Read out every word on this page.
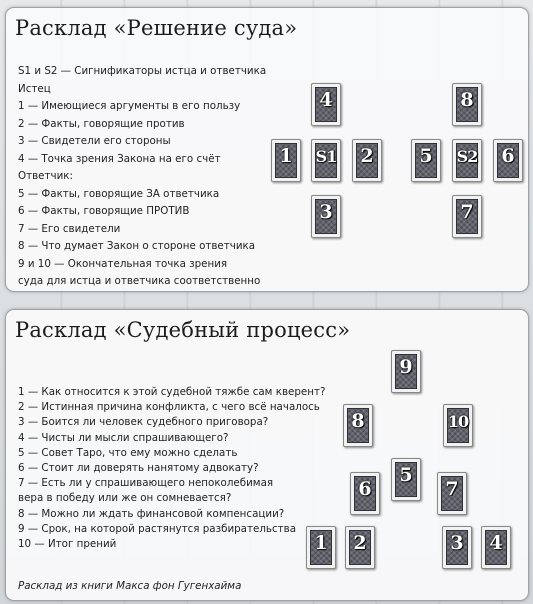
Расклад «Решение суда»
S1 и S2 — Сигнификаторы истца и ответчика
Истец
1 — Имеющиеся аргументы в его пользу
2 — Факты, говорящие против
3 — Свидетели его стороны
4 — Точка зрения Закона на его счёт
Ответчик:
5 — Факты, говорящие ЗА ответчика
6 — Факты, говорящие ПРОТИВ
7 — Его свидетели
8 — Что думает Закон о стороне ответчика
9 и 10 — Окончательная точка зрения
суда для истца и ответчика соответственно
4
1	S1	2
3
8
5	S2	6
7
Расклад «Судебный процесс»
1 — Как относится к этой судебной тяжбе сам кверент?
2 — Истинная причина конфликта, с чего всё началось
3 — Боится ли человек судебного приговора?
4 — Чисты ли мысли спрашивающего?
5 — Совет Таро, что ему можно сделать
6 — Стоит ли доверять нанятому адвокату?
7 — Есть ли у спрашивающего непоколебимая
вера в победу или же он сомневается?
8 — Можно ли ждать финансовой компенсации?
9 — Срок, на которой растянутся разбирательства
10 — Итог прений
Расклад из книги Макса фон Гугенхайма
9
8	10
5
6	7
1	2	3	4
